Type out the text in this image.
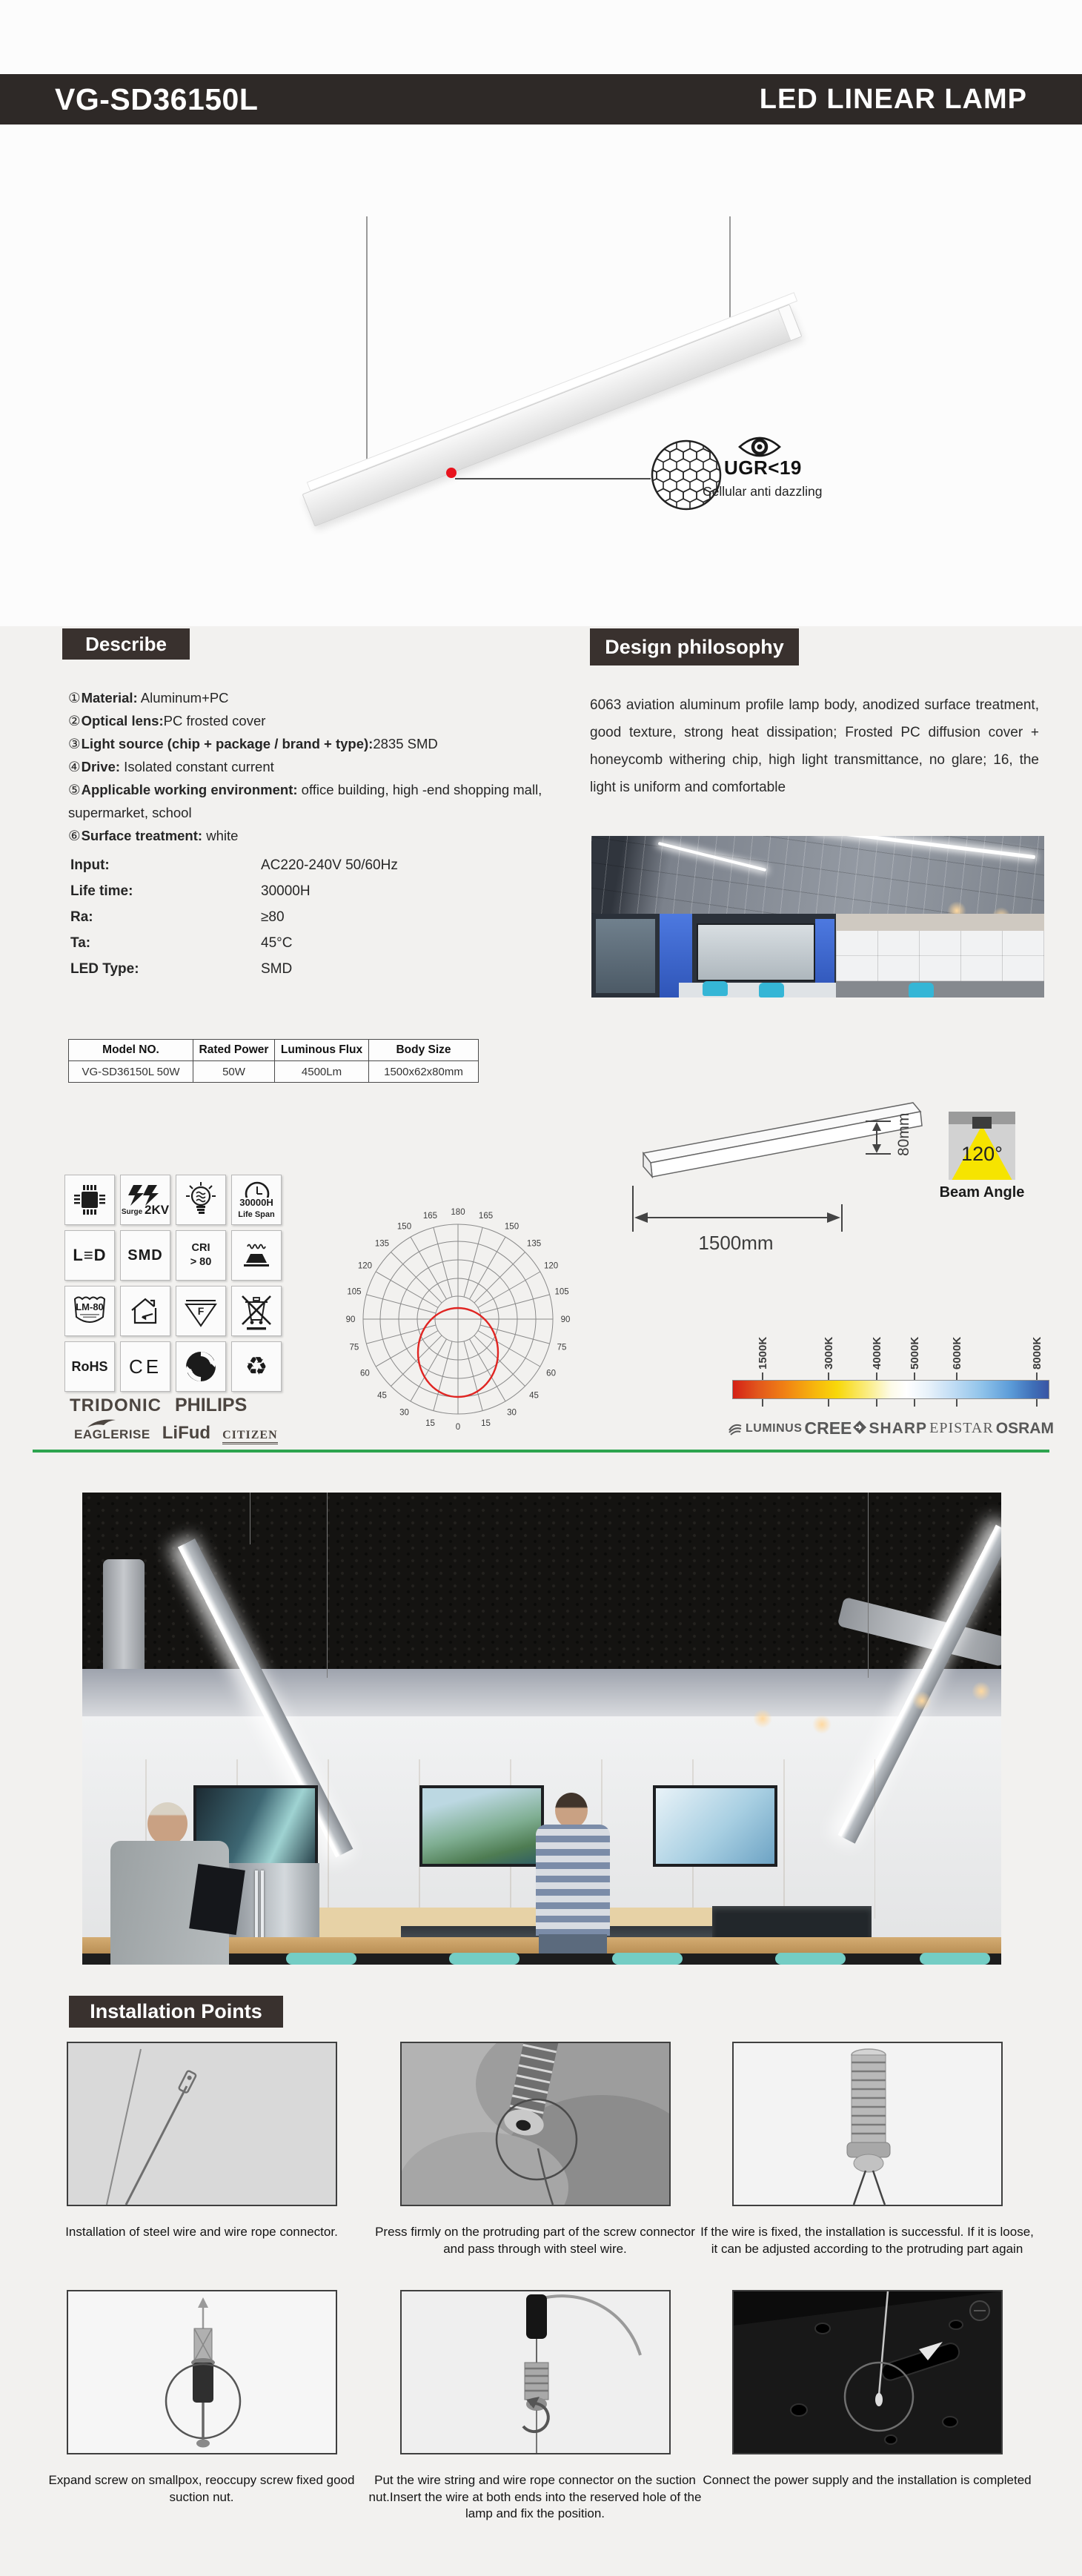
VG-SD36150L	LED LINEAR LAMP
UGR<19
Cellular anti dazzling
Describe
①Material: Aluminum+PC
②Optical lens:PC frosted cover
③Light source (chip + package / brand + type):2835 SMD
④Drive: Isolated constant current
⑤Applicable working environment: office building, high -end shopping mall, supermarket, school
⑥Surface treatment: white
Input:	AC220-240V 50/60Hz
Life time:	30000H
Ra:	≥80
Ta:	45°C
LED Type:	SMD
Design philosophy
6063 aviation aluminum profile lamp body, anodized surface treatment, good texture, strong heat dissipation; Frosted PC diffusion cover + honeycomb withering chip, high light transmittance, no glare; 16, the light is uniform and comfortable
Model NO.	Rated Power	Luminous Flux	Body Size
VG-SD36150L 50W	50W	4500Lm	1500x62x80mm
1500mm
80mm	120°
Beam Angle
0
15	15
30	30
45	45
60	60
75	75
90	90
105	105
120	120
135	135
150	150
165	165
180
Surge 2KV	30000H
Life Span
L≡D SMD	CRI
> 80
LM-80	F
RoHS CE	♻
TRIDONIC PHILIPS
EAGLERISE LiFud CITIZEN
1500K	3000K	4000K 5000K	6000K	8000K
LUMINUS CREE	SHARP EPISTAR OSRAM
Installation Points
Installation of steel wire and wire rope connector.	Press firmly on the protruding part of the screw connector and pass through with steel wire.
If the wire is fixed, the installation is successful. If it is loose, it can be adjusted according to the protruding part again
Expand screw on smallpox, reoccupy screw fixed good suction nut.
Put the wire string and wire rope connector on the suction nut.Insert the wire at both ends into the reserved hole of the lamp and fix the position.
Connect the power supply and the installation is completed
